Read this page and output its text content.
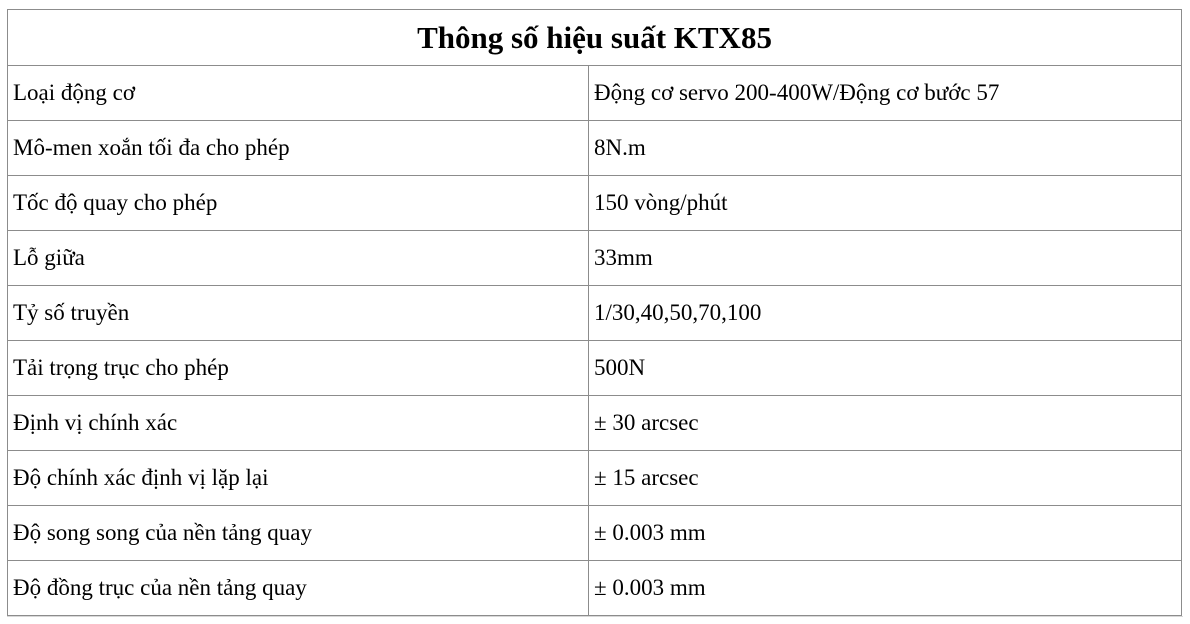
Thông số hiệu suất KTX85	
Loại động cơ	Động cơ servo 200-400W/Động cơ bước 57
Mô-men xoắn tối đa cho phép	8N.m
Tốc độ quay cho phép	150 vòng/phút
Lỗ giữa	33mm
Tỷ số truyền	1/30,40,50,70,100
Tải trọng trục cho phép	500N
Định vị chính xác	± 30 arcsec
Độ chính xác định vị lặp lại	± 15 arcsec
Độ song song của nền tảng quay	± 0.003 mm
Độ đồng trục của nền tảng quay	± 0.003 mm
